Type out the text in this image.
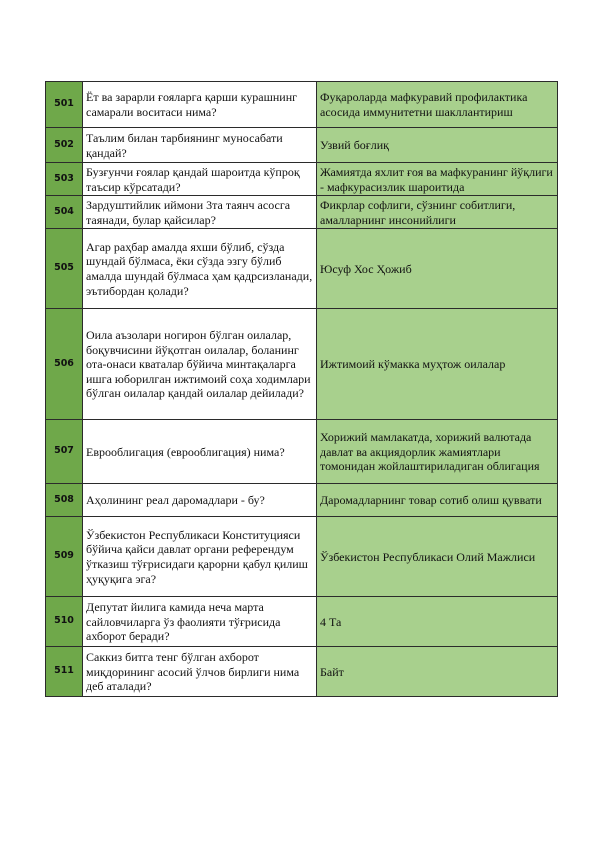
501	Ёт ва зарарли ғояларга қарши курашнинг самарали воситаси нима?	Фуқароларда мафкуравий профилактика асосида иммунитетни шакллантириш
502	Таълим билан тарбиянинг муносабати қандай?	Узвий боғлиқ
503	Бузғунчи ғоялар қандай шароитда кўпроқ таъсир кўрсатади?	Жамиятда яхлит ғоя ва мафкуранинг йўқлиги - мафкурасизлик шароитида
504	Зардуштийлик иймони 3та таянч асосга таянади, булар қайсилар?	Фикрлар софлиги, сўзнинг собитлиги, амалларнинг инсонийлиги
505	Агар раҳбар амалда яхши бўлиб, сўзда шундай бўлмаса, ёки сўзда эзгу бўлиб амалда шундай бўлмаса ҳам қадрсизланади, эътибордан қолади?	Юсуф Хос Ҳожиб
506	Оила аъзолари ногирон бўлган оилалар, боқувчисини йўқотган оилалар, боланинг ота-онаси кваталар бўйича минтақаларга ишга юборилган ижтимоий соҳа ходимлари бўлган оилалар қандай оилалар дейилади?	Ижтимоий кўмакка муҳтож оилалар
507	Еврооблигация (еврооблигация) нима?	Хорижий мамлакатда, хорижий валютада давлат ва акциядорлик жамиятлари томонидан жойлаштириладиган облигация
508	Аҳолининг реал даромадлари - бу?	Даромадларнинг товар сотиб олиш қуввати
509	Ўзбекистон Республикаси Конституцияси бўйича қайси давлат органи референдум ўтказиш тўғрисидаги қарорни қабул қилиш ҳуқуқига эга?	Ўзбекистон Республикаси Олий Мажлиси
510	Депутат йилига камида неча марта сайловчиларга ўз фаолияти тўғрисида ахборот беради?	4 Та
511	Саккиз битга тенг бўлган ахборот миқдорининг асосий ўлчов бирлиги нима деб аталади?	Байт
